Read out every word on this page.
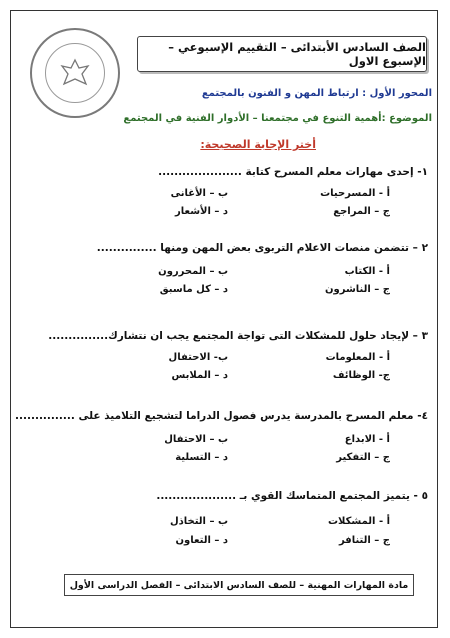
الصف السادس الأبتدائى – التقييم الإسبوعي – الإسبوع الاول
المحور الأول : ارتباط المهن و الفنون بالمجتمع
الموضوع :أهمية التنوع في مجتمعنا – الأدوار الفنية في المجتمع
أختر الإجابة الصحيحة:
١- إحدى مهارات معلم المسرح كتابة .....................
أ - المسرحيات
ب – الأغانى
ج – المراجع
د – الأشعار
٢ – تتضمن منصات الاعلام التربوى بعض المهن ومنها ...............
أ - الكتاب
ب – المحررون
ج – الناشرون
د – كل ماسبق
٣ – لإيجاد حلول للمشكلات التى تواجة المجتمع يجب ان نتشارك...............
أ - المعلومات
ب- الاحتفال
ج- الوظائف
د – الملابس
٤- معلم المسرح بالمدرسة يدرس فصول الدراما لتشجيع التلاميذ على ...............
أ - الابداع
ب – الاحتفال
ج – التفكير
د – التسلية
٥ - يتميز المجتمع المتماسك القوي بـ ....................
أ - المشكلات
ب – التخاذل
ج – التنافر
د – التعاون
مادة المهارات المهنية – للصف السادس الابتدائى – الفصل الدراسى الأول
